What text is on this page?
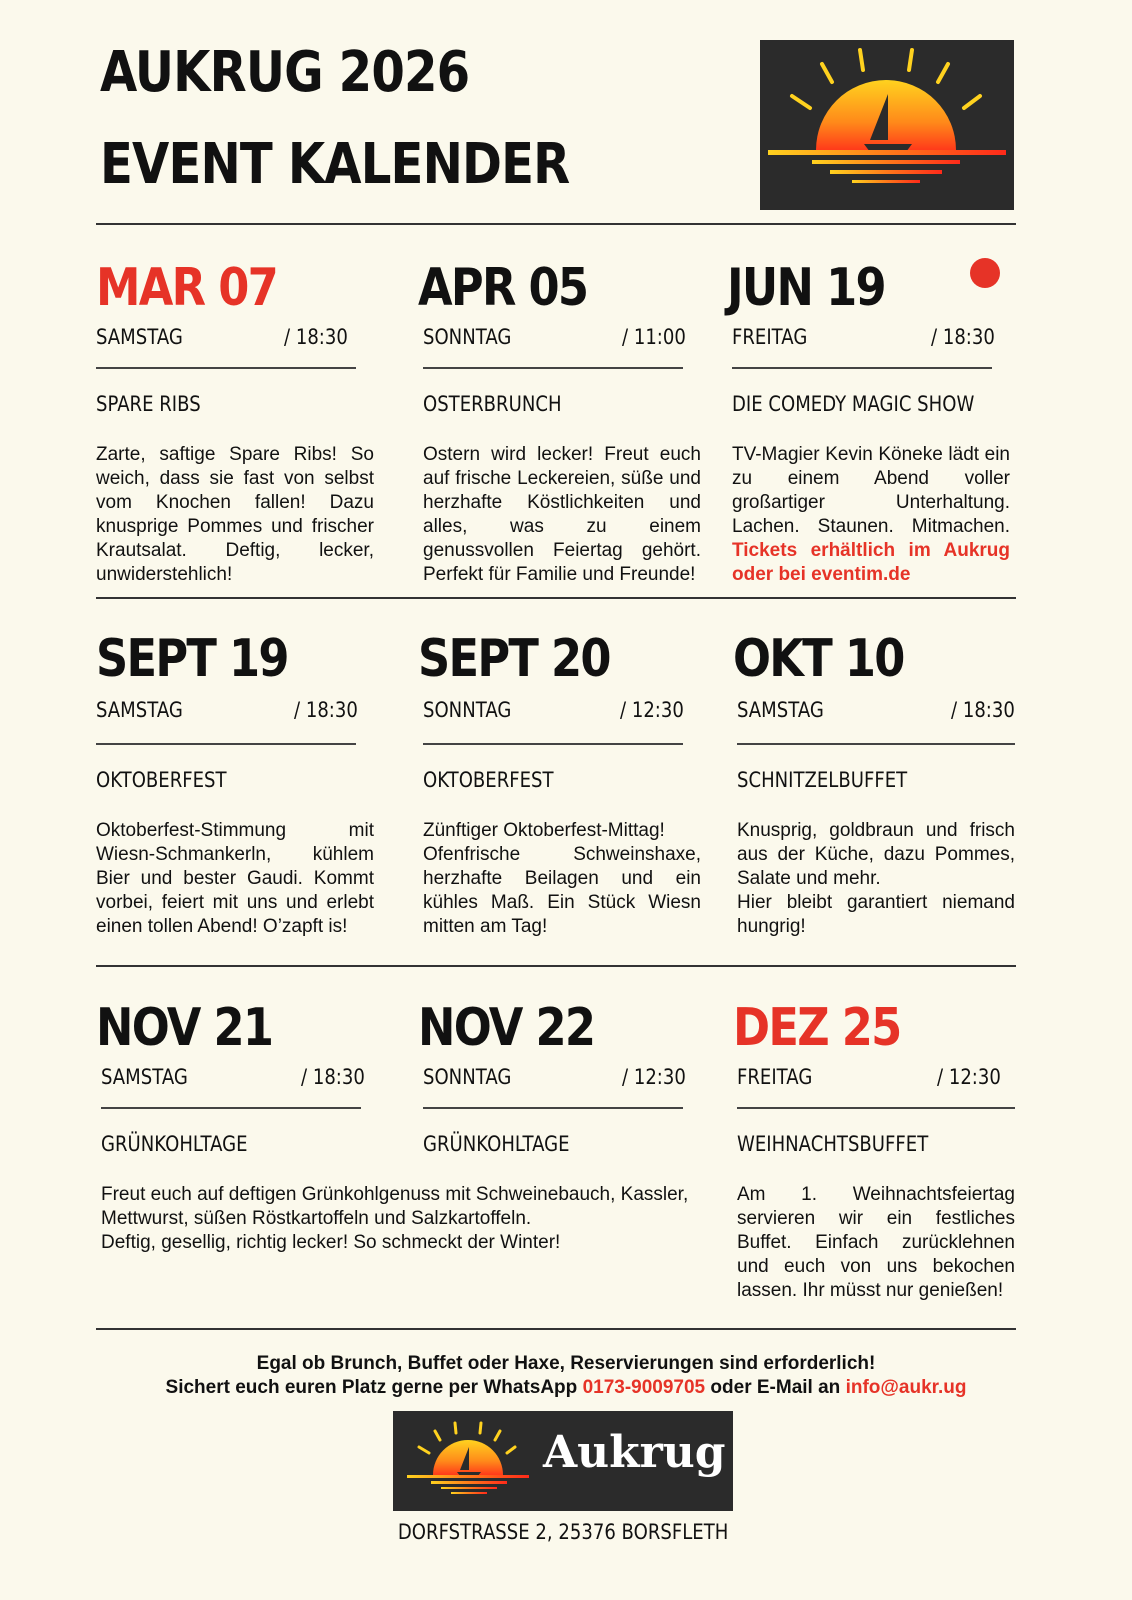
AUKRUG 2026
EVENT KALENDER
MAR 07
SAMSTAG	/ 18:30
SPARE RIBS
Zarte, saftige Spare Ribs! So weich, dass sie fast von selbst vom Knochen fallen! Dazu knusprige Pommes und frischer Krautsalat. Deftig, lecker, unwiderstehlich!
APR 05
SONNTAG	/ 11:00
OSTERBRUNCH
Ostern wird lecker! Freut euch auf frische Leckereien, süße und herzhafte Köstlichkeiten und alles, was zu einem genussvollen Feiertag gehört. Perfekt für Familie und Freunde!
JUN 19
FREITAG	/ 18:30
DIE COMEDY MAGIC SHOW
TV-Magier Kevin Köneke lädt ein zu einem Abend voller großartiger Unterhaltung. Lachen. Staunen. Mitmachen. Tickets erhältlich im Aukrug oder bei eventim.de
SEPT 19
SAMSTAG	/ 18:30
OKTOBERFEST
Oktoberfest-Stimmung mit Wiesn-Schmankerln, kühlem Bier und bester Gaudi. Kommt vorbei, feiert mit uns und erlebt einen tollen Abend! O’zapft is!
SEPT 20
SONNTAG	/ 12:30
OKTOBERFEST
Zünftiger Oktoberfest-Mittag!
Ofenfrische Schweinshaxe, herzhafte Beilagen und ein kühles Maß. Ein Stück Wiesn mitten am Tag!
OKT 10
SAMSTAG	/ 18:30
SCHNITZELBUFFET
Knusprig, goldbraun und frisch aus der Küche, dazu Pommes, Salate und mehr.
Hier bleibt garantiert niemand hungrig!
NOV 21
SAMSTAG	/ 18:30
GRÜNKOHLTAGE
NOV 22
SONNTAG	/ 12:30
GRÜNKOHLTAGE
Freut euch auf deftigen Grünkohlgenuss mit Schweinebauch, Kassler,
Mettwurst, süßen Röstkartoffeln und Salzkartoffeln.
Deftig, gesellig, richtig lecker! So schmeckt der Winter!
DEZ 25
FREITAG	/ 12:30
WEIHNACHTSBUFFET
Am 1. Weihnachtsfeiertag servieren wir ein festliches Buffet. Einfach zurücklehnen und euch von uns bekochen lassen. Ihr müsst nur genießen!
Egal ob Brunch, Buffet oder Haxe, Reservierungen sind erforderlich!
Sichert euch euren Platz gerne per WhatsApp 0173-9009705 oder E-Mail an info@aukr.ug
Aukrug
DORFSTRASSE 2, 25376 BORSFLETH
